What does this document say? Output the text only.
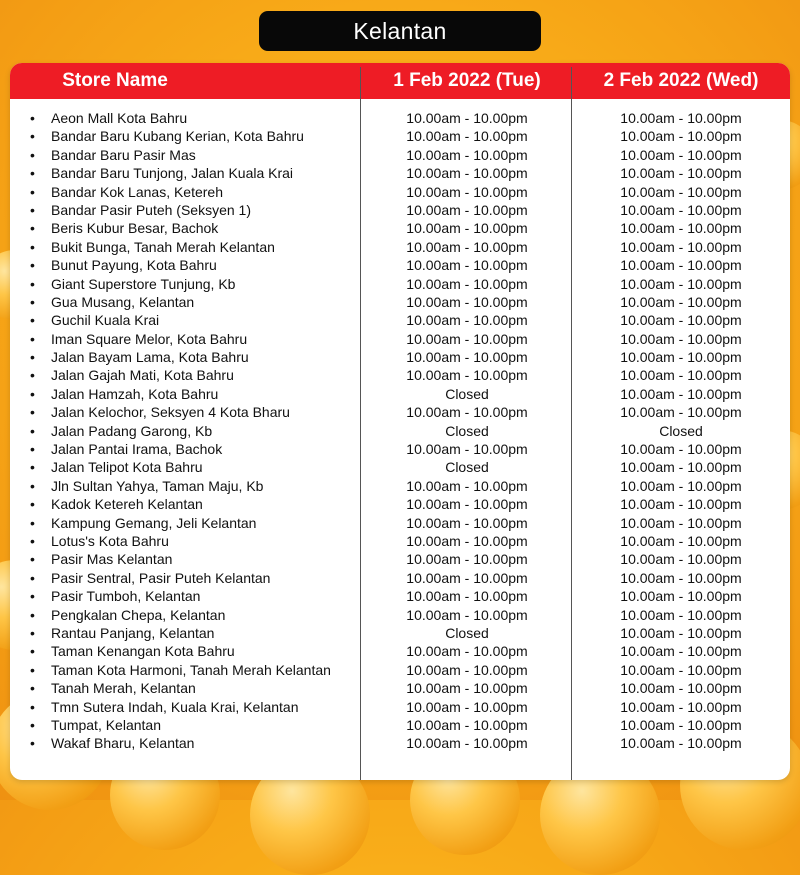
Kelantan
Store Name	1 Feb 2022 (Tue)	2 Feb 2022 (Wed)
• Aeon Mall Kota Bahru	10.00am - 10.00pm	10.00am - 10.00pm
• Bandar Baru Kubang Kerian, Kota Bahru	10.00am - 10.00pm	10.00am - 10.00pm
• Bandar Baru Pasir Mas	10.00am - 10.00pm	10.00am - 10.00pm
• Bandar Baru Tunjong, Jalan Kuala Krai	10.00am - 10.00pm	10.00am - 10.00pm
• Bandar Kok Lanas, Ketereh	10.00am - 10.00pm	10.00am - 10.00pm
• Bandar Pasir Puteh (Seksyen 1)	10.00am - 10.00pm	10.00am - 10.00pm
• Beris Kubur Besar, Bachok	10.00am - 10.00pm	10.00am - 10.00pm
• Bukit Bunga, Tanah Merah Kelantan	10.00am - 10.00pm	10.00am - 10.00pm
• Bunut Payung, Kota Bahru	10.00am - 10.00pm	10.00am - 10.00pm
• Giant Superstore Tunjung, Kb	10.00am - 10.00pm	10.00am - 10.00pm
• Gua Musang, Kelantan	10.00am - 10.00pm	10.00am - 10.00pm
• Guchil Kuala Krai	10.00am - 10.00pm	10.00am - 10.00pm
• Iman Square Melor, Kota Bahru	10.00am - 10.00pm	10.00am - 10.00pm
• Jalan Bayam Lama, Kota Bahru	10.00am - 10.00pm	10.00am - 10.00pm
• Jalan Gajah Mati, Kota Bahru	10.00am - 10.00pm	10.00am - 10.00pm
• Jalan Hamzah, Kota Bahru	Closed	10.00am - 10.00pm
• Jalan Kelochor, Seksyen 4 Kota Bharu	10.00am - 10.00pm	10.00am - 10.00pm
• Jalan Padang Garong, Kb	Closed	Closed
• Jalan Pantai Irama, Bachok	10.00am - 10.00pm	10.00am - 10.00pm
• Jalan Telipot Kota Bahru	Closed	10.00am - 10.00pm
• Jln Sultan Yahya, Taman Maju, Kb	10.00am - 10.00pm	10.00am - 10.00pm
• Kadok Ketereh Kelantan	10.00am - 10.00pm	10.00am - 10.00pm
• Kampung Gemang, Jeli Kelantan	10.00am - 10.00pm	10.00am - 10.00pm
• Lotus's Kota Bahru	10.00am - 10.00pm	10.00am - 10.00pm
• Pasir Mas Kelantan	10.00am - 10.00pm	10.00am - 10.00pm
• Pasir Sentral, Pasir Puteh Kelantan	10.00am - 10.00pm	10.00am - 10.00pm
• Pasir Tumboh, Kelantan	10.00am - 10.00pm	10.00am - 10.00pm
• Pengkalan Chepa, Kelantan	10.00am - 10.00pm	10.00am - 10.00pm
• Rantau Panjang, Kelantan	Closed	10.00am - 10.00pm
• Taman Kenangan Kota Bahru	10.00am - 10.00pm	10.00am - 10.00pm
• Taman Kota Harmoni, Tanah Merah Kelantan	10.00am - 10.00pm	10.00am - 10.00pm
• Tanah Merah, Kelantan	10.00am - 10.00pm	10.00am - 10.00pm
• Tmn Sutera Indah, Kuala Krai, Kelantan	10.00am - 10.00pm	10.00am - 10.00pm
• Tumpat, Kelantan	10.00am - 10.00pm	10.00am - 10.00pm
• Wakaf Bharu, Kelantan	10.00am - 10.00pm	10.00am - 10.00pm
